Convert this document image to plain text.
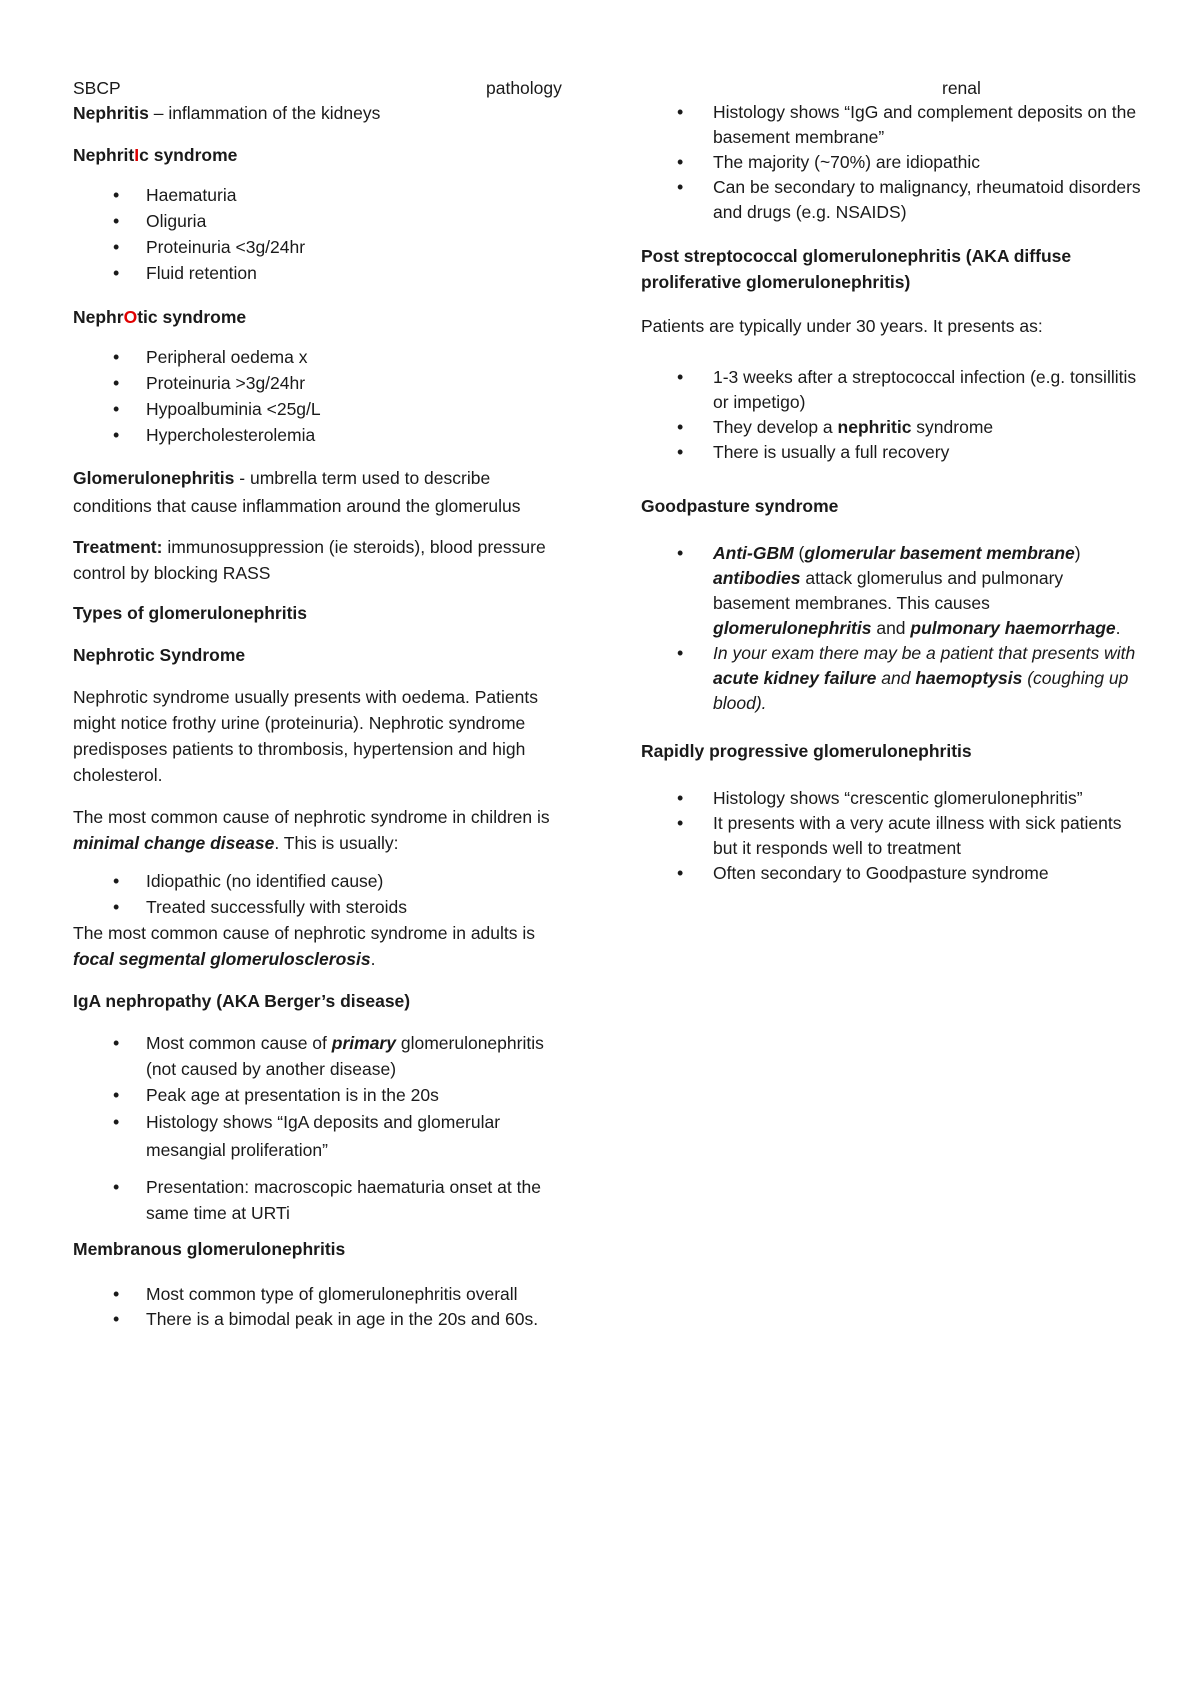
SBCP	pathology	renal

Nephritis – inflammation of the kidneys

NephritIc syndrome
• Haematuria
• Oliguria
• Proteinuria <3g/24hr
• Fluid retention
NephrOtic syndrome
• Peripheral oedema x
• Proteinuria >3g/24hr
• Hypoalbuminia <25g/L
• Hypercholesterolemia

Glomerulonephritis - umbrella term used to describe conditions that cause inflammation around the glomerulus

Treatment: immunosuppression (ie steroids), blood pressure control by blocking RASS

Types of glomerulonephritis
Nephrotic Syndrome

Nephrotic syndrome usually presents with oedema. Patients might notice frothy urine (proteinuria). Nephrotic syndrome predisposes patients to thrombosis, hypertension and high cholesterol.

The most common cause of nephrotic syndrome in children is minimal change disease. This is usually:

• Idiopathic (no identified cause)
• Treated successfully with steroids

The most common cause of nephrotic syndrome in adults is focal segmental glomerulosclerosis.

IgA nephropathy (AKA Berger’s disease)
• Most common cause of primary glomerulonephritis (not caused by another disease)
• Peak age at presentation is in the 20s
• Histology shows “IgA deposits and glomerular mesangial proliferation”
• Presentation: macroscopic haematuria onset at the same time at URTi
Membranous glomerulonephritis
• Most common type of glomerulonephritis overall
• There is a bimodal peak in age in the 20s and 60s.
• Histology shows “IgG and complement deposits on the basement membrane”
• The majority (~70%) are idiopathic
• Can be secondary to malignancy, rheumatoid disorders and drugs (e.g. NSAIDS)
Post streptococcal glomerulonephritis (AKA diffuse proliferative glomerulonephritis)

Patients are typically under 30 years. It presents as:

• 1-3 weeks after a streptococcal infection (e.g. tonsillitis or impetigo)
• They develop a nephritic syndrome
• There is usually a full recovery
Goodpasture syndrome
• Anti-GBM (glomerular basement membrane) antibodies attack glomerulus and pulmonary basement membranes. This causes glomerulonephritis and pulmonary haemorrhage.
• In your exam there may be a patient that presents with acute kidney failure and haemoptysis (coughing up blood).
Rapidly progressive glomerulonephritis
• Histology shows “crescentic glomerulonephritis”
• It presents with a very acute illness with sick patients but it responds well to treatment
• Often secondary to Goodpasture syndrome
